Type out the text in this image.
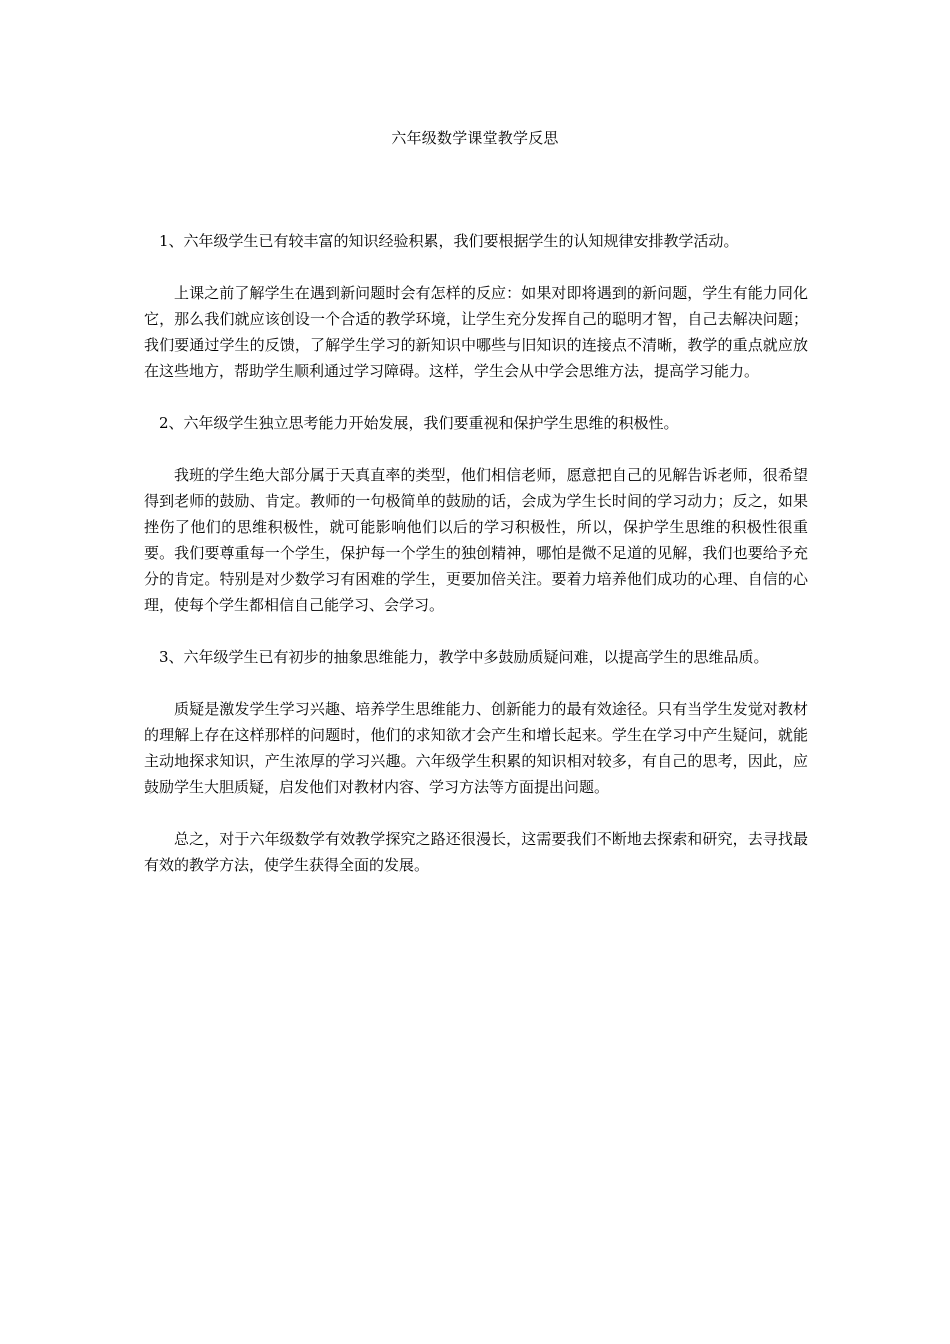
六年级数学课堂教学反思

1、六年级学生已有较丰富的知识经验积累，我们要根据学生的认知规律安排教学活动。

上课之前了解学生在遇到新问题时会有怎样的反应：如果对即将遇到的新问题，学生有能力同化它，那么我们就应该创设一个合适的教学环境，让学生充分发挥自己的聪明才智，自己去解决问题；我们要通过学生的反馈，了解学生学习的新知识中哪些与旧知识的连接点不清晰，教学的重点就应放在这些地方，帮助学生顺利通过学习障碍。这样，学生会从中学会思维方法，提高学习能力。

2、六年级学生独立思考能力开始发展，我们要重视和保护学生思维的积极性。

我班的学生绝大部分属于天真直率的类型，他们相信老师，愿意把自己的见解告诉老师，很希望得到老师的鼓励、肯定。教师的一句极简单的鼓励的话，会成为学生长时间的学习动力；反之，如果挫伤了他们的思维积极性，就可能影响他们以后的学习积极性，所以，保护学生思维的积极性很重要。我们要尊重每一个学生，保护每一个学生的独创精神，哪怕是微不足道的见解，我们也要给予充分的肯定。特别是对少数学习有困难的学生，更要加倍关注。要着力培养他们成功的心理、自信的心理，使每个学生都相信自己能学习、会学习。

3、六年级学生已有初步的抽象思维能力，教学中多鼓励质疑问难，以提高学生的思维品质。

质疑是激发学生学习兴趣、培养学生思维能力、创新能力的最有效途径。只有当学生发觉对教材的理解上存在这样那样的问题时，他们的求知欲才会产生和增长起来。学生在学习中产生疑问，就能主动地探求知识，产生浓厚的学习兴趣。六年级学生积累的知识相对较多，有自己的思考，因此，应鼓励学生大胆质疑，启发他们对教材内容、学习方法等方面提出问题。

总之，对于六年级数学有效教学探究之路还很漫长，这需要我们不断地去探索和研究，去寻找最有效的教学方法，使学生获得全面的发展。
